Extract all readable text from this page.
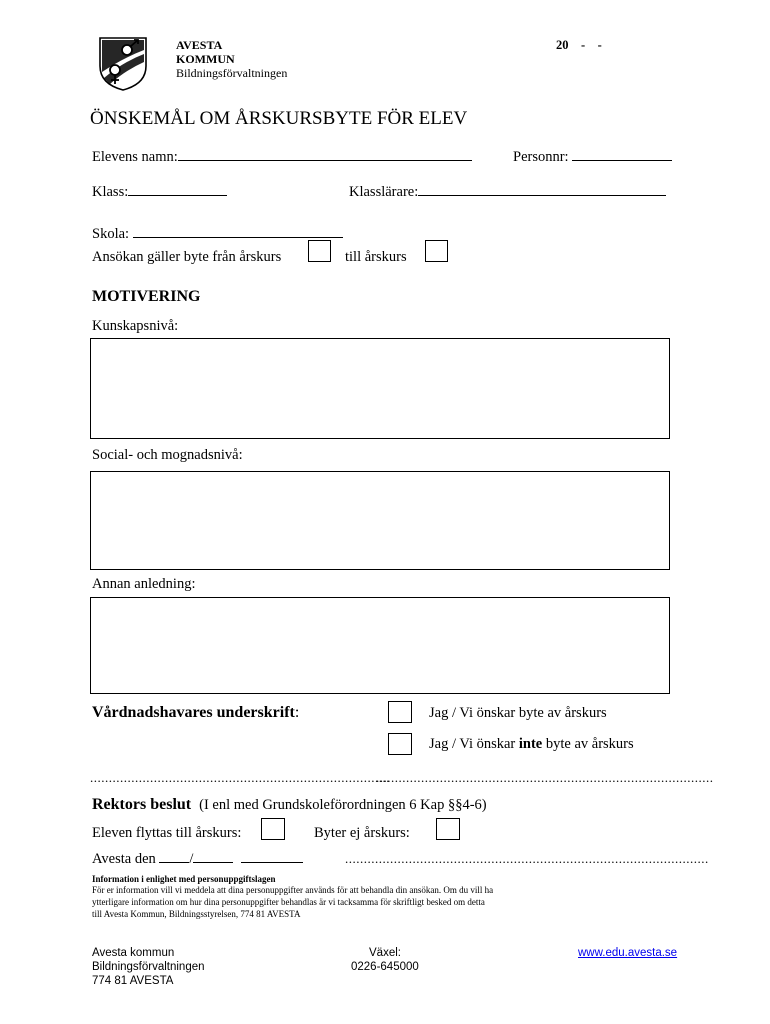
AVESTA
KOMMUN
Bildningsförvaltningen
20    -    -
ÖNSKEMÅL OM ÅRSKURSBYTE FÖR ELEV
Elevens namn:	Personnr:
Klass:	Klasslärare:
Skola:
Ansökan gäller byte från årskurs	till årskurs
MOTIVERING
Kunskapsnivå:
Social- och mognadsnivå:
Annan anledning:
Vårdnadshavares underskrift:	Jag / Vi önskar byte av årskurs
Jag / Vi önskar inte byte av årskurs
................................................................................
..........................................................................................
Rektors beslut (I enl med Grundskoleförordningen 6 Kap §§4-6)
Eleven flyttas till årskurs:	Byter ej årskurs:
Avesta den /	.................................................................................................
Information i enlighet med personuppgiftslagen
För er information vill vi meddela att dina personuppgifter används för att behandla din ansökan. Om du vill ha
ytterligare information om hur dina personuppgifter behandlas är vi tacksamma för skriftligt besked om detta
till Avesta Kommun, Bildningsstyrelsen, 774 81 AVESTA
Avesta kommun
Bildningsförvaltningen
774 81 AVESTA
Växel:
0226-645000
www.edu.avesta.se
